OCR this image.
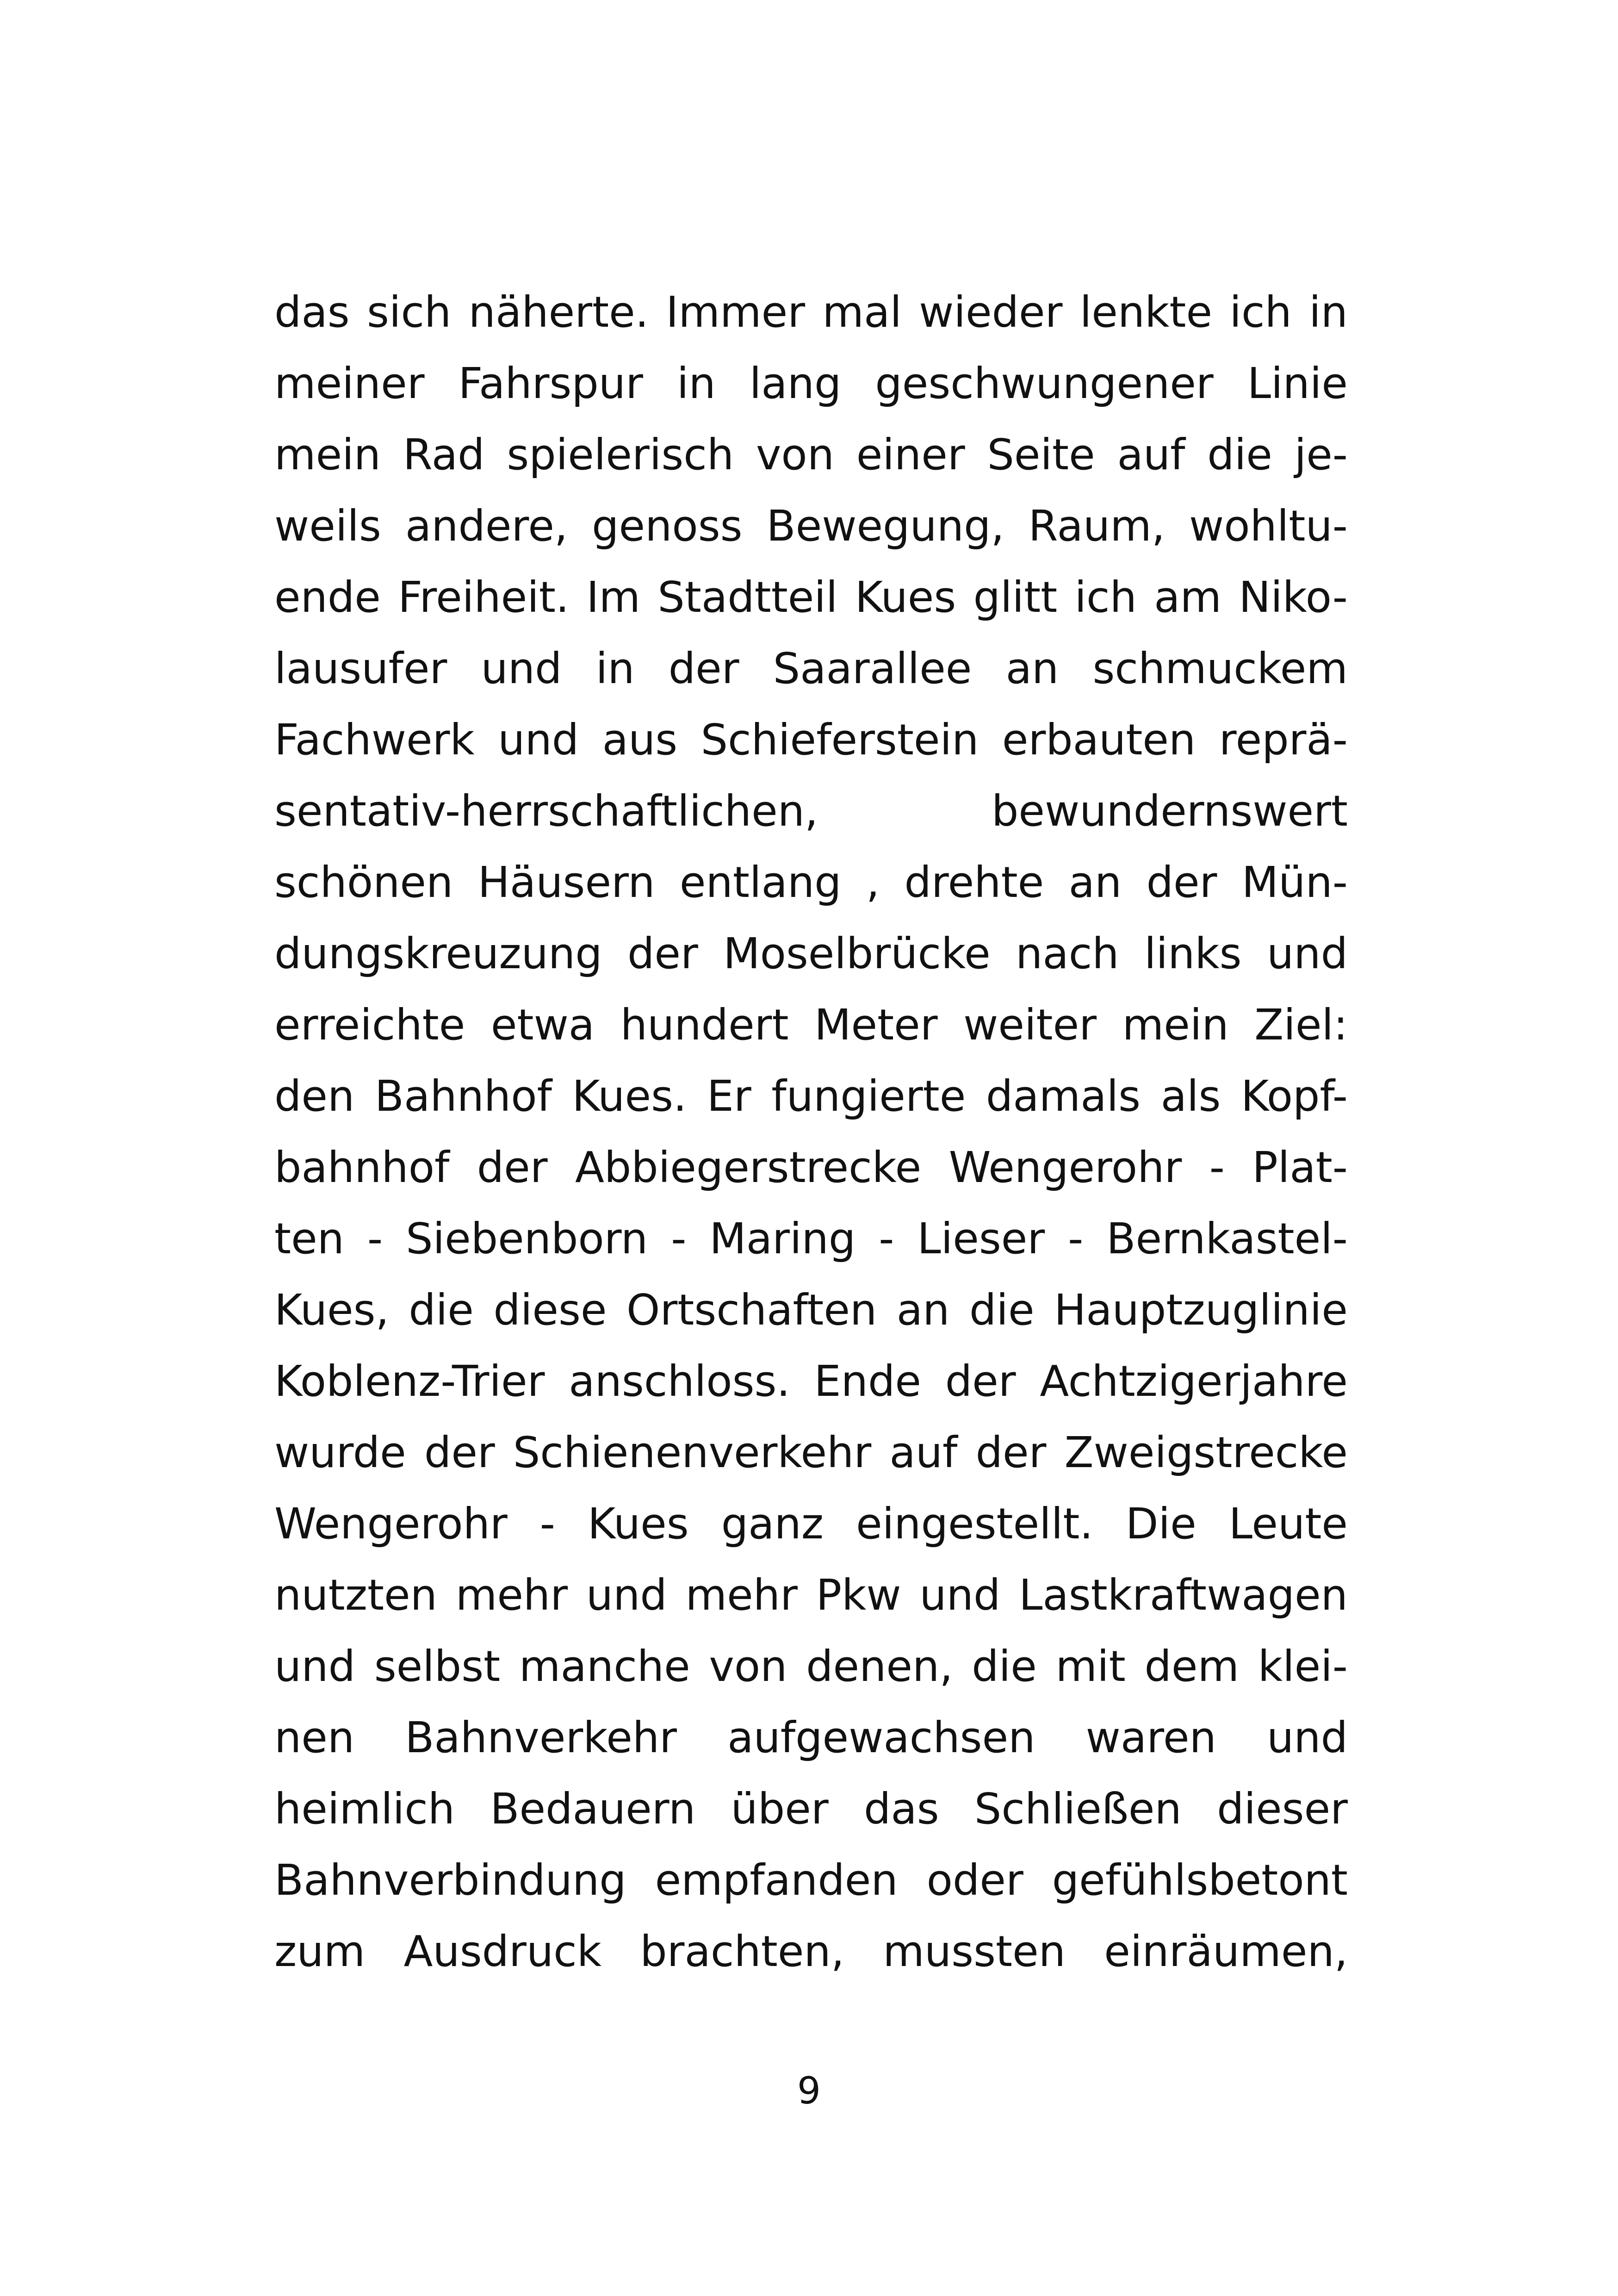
das sich näherte. Immer mal wieder lenkte ich in
meiner Fahrspur in lang geschwungener Linie
mein Rad spielerisch von einer Seite auf die je-
weils andere, genoss Bewegung, Raum, wohltu-
ende Freiheit. Im Stadtteil Kues glitt ich am Niko-
lausufer und in der Saarallee an schmuckem
Fachwerk und aus Schieferstein erbauten reprä-
sentativ-herrschaftlichen, bewundernswert
schönen Häusern entlang , drehte an der Mün-
dungskreuzung der Moselbrücke nach links und
erreichte etwa hundert Meter weiter mein Ziel:
den Bahnhof Kues. Er fungierte damals als Kopf-
bahnhof der Abbiegerstrecke Wengerohr - Plat-
ten - Siebenborn - Maring - Lieser - Bernkastel-
Kues, die diese Ortschaften an die Hauptzuglinie
Koblenz-Trier anschloss. Ende der Achtzigerjahre
wurde der Schienenverkehr auf der Zweigstrecke
Wengerohr - Kues ganz eingestellt. Die Leute
nutzten mehr und mehr Pkw und Lastkraftwagen
und selbst manche von denen, die mit dem klei-
nen Bahnverkehr aufgewachsen waren und
heimlich Bedauern über das Schließen dieser
Bahnverbindung empfanden oder gefühlsbetont
zum Ausdruck brachten, mussten einräumen,
9
